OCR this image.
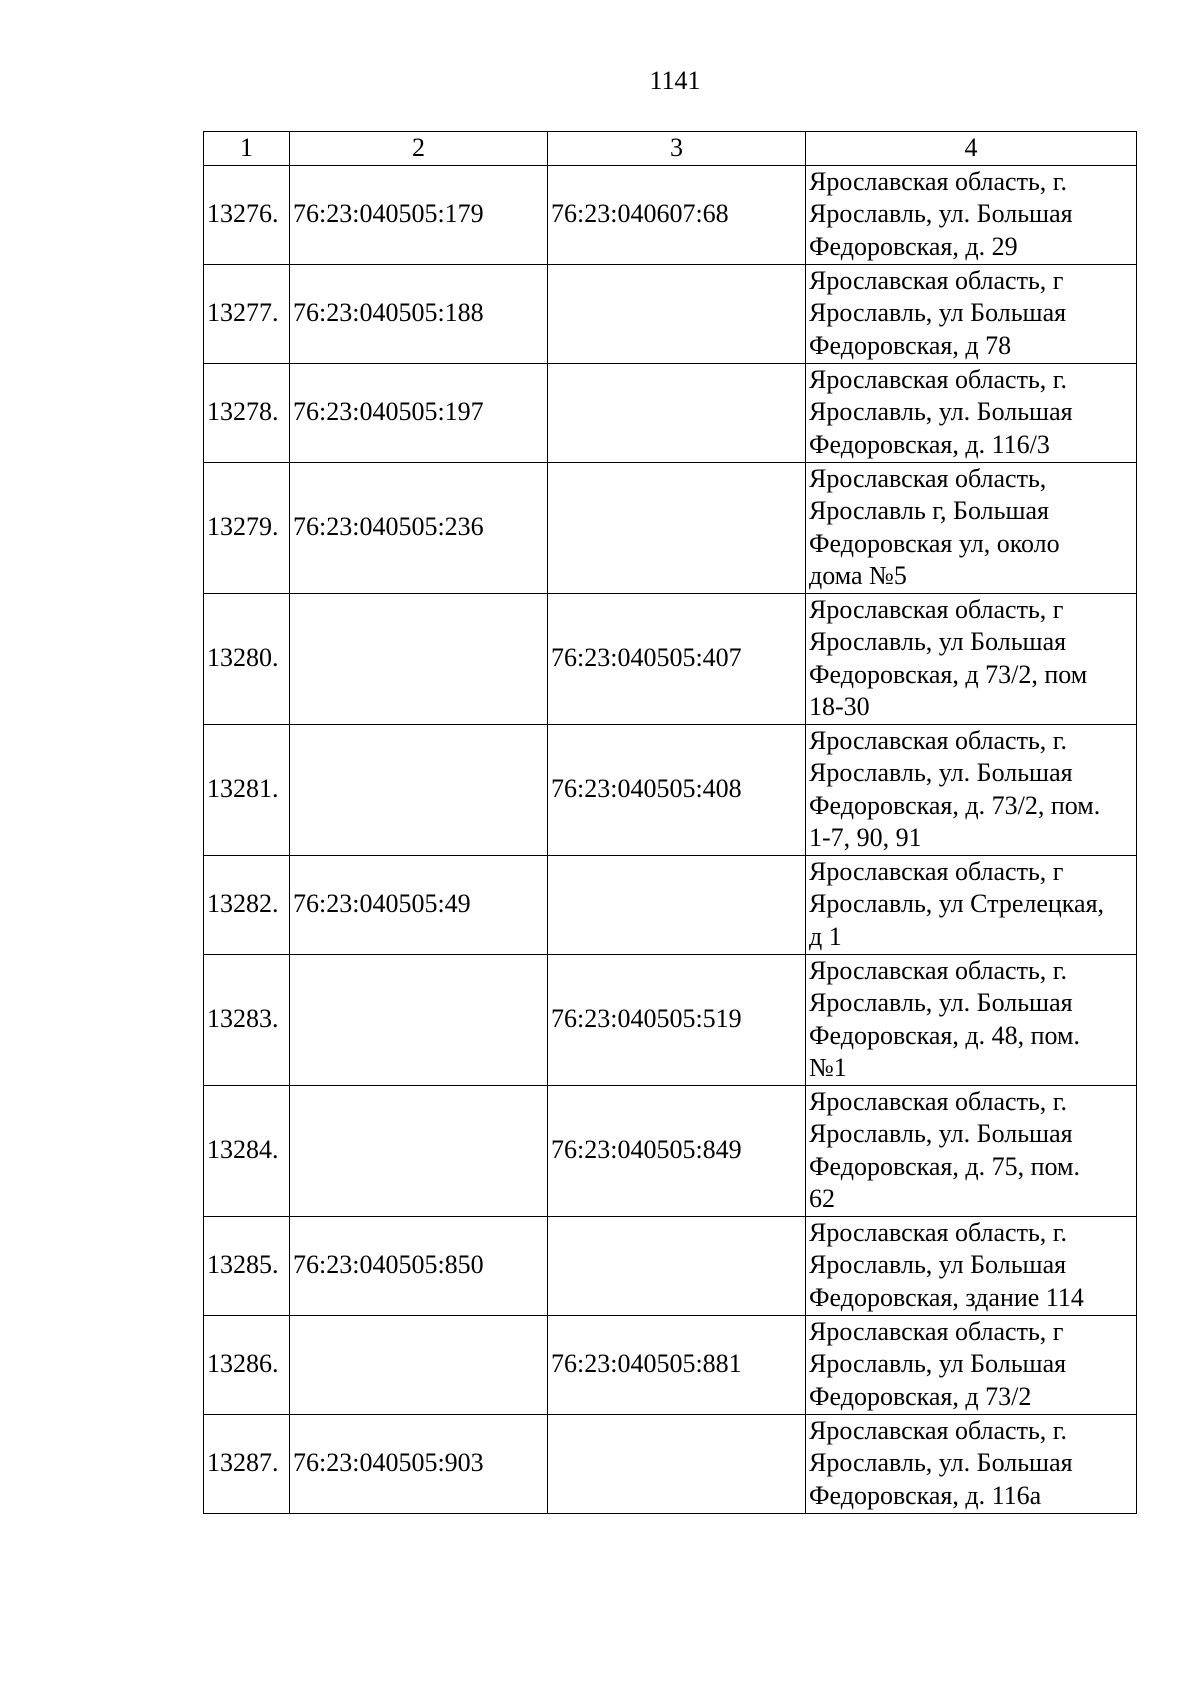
1141
1	2	3	4
13276.	76:23:040505:179	76:23:040607:68	Ярославская область, г.
Ярославль, ул. Большая
Федоровская, д. 29

13277.	76:23:040505:188		Ярославская область, г
Ярославль, ул Большая
Федоровская, д 78

13278.	76:23:040505:197		Ярославская область, г.
Ярославль, ул. Большая
Федоровская, д. 116/3

13279.	76:23:040505:236		Ярославская область,
Ярославль г, Большая
Федоровская ул, около
дома №5

13280.		76:23:040505:407	Ярославская область, г
Ярославль, ул Большая
Федоровская, д 73/2, пом
18-30

13281.		76:23:040505:408	Ярославская область, г.
Ярославль, ул. Большая
Федоровская, д. 73/2, пом.
1-7, 90, 91

13282.	76:23:040505:49		Ярославская область, г
Ярославль, ул Стрелецкая,
д 1

13283.		76:23:040505:519	Ярославская область, г.
Ярославль, ул. Большая
Федоровская, д. 48, пом.
№1

13284.		76:23:040505:849	Ярославская область, г.
Ярославль, ул. Большая
Федоровская, д. 75, пом.
62

13285.	76:23:040505:850		Ярославская область, г.
Ярославль, ул Большая
Федоровская, здание 114

13286.		76:23:040505:881	Ярославская область, г
Ярославль, ул Большая
Федоровская, д 73/2

13287.	76:23:040505:903		Ярославская область, г.
Ярославль, ул. Большая
Федоровская, д. 116а
